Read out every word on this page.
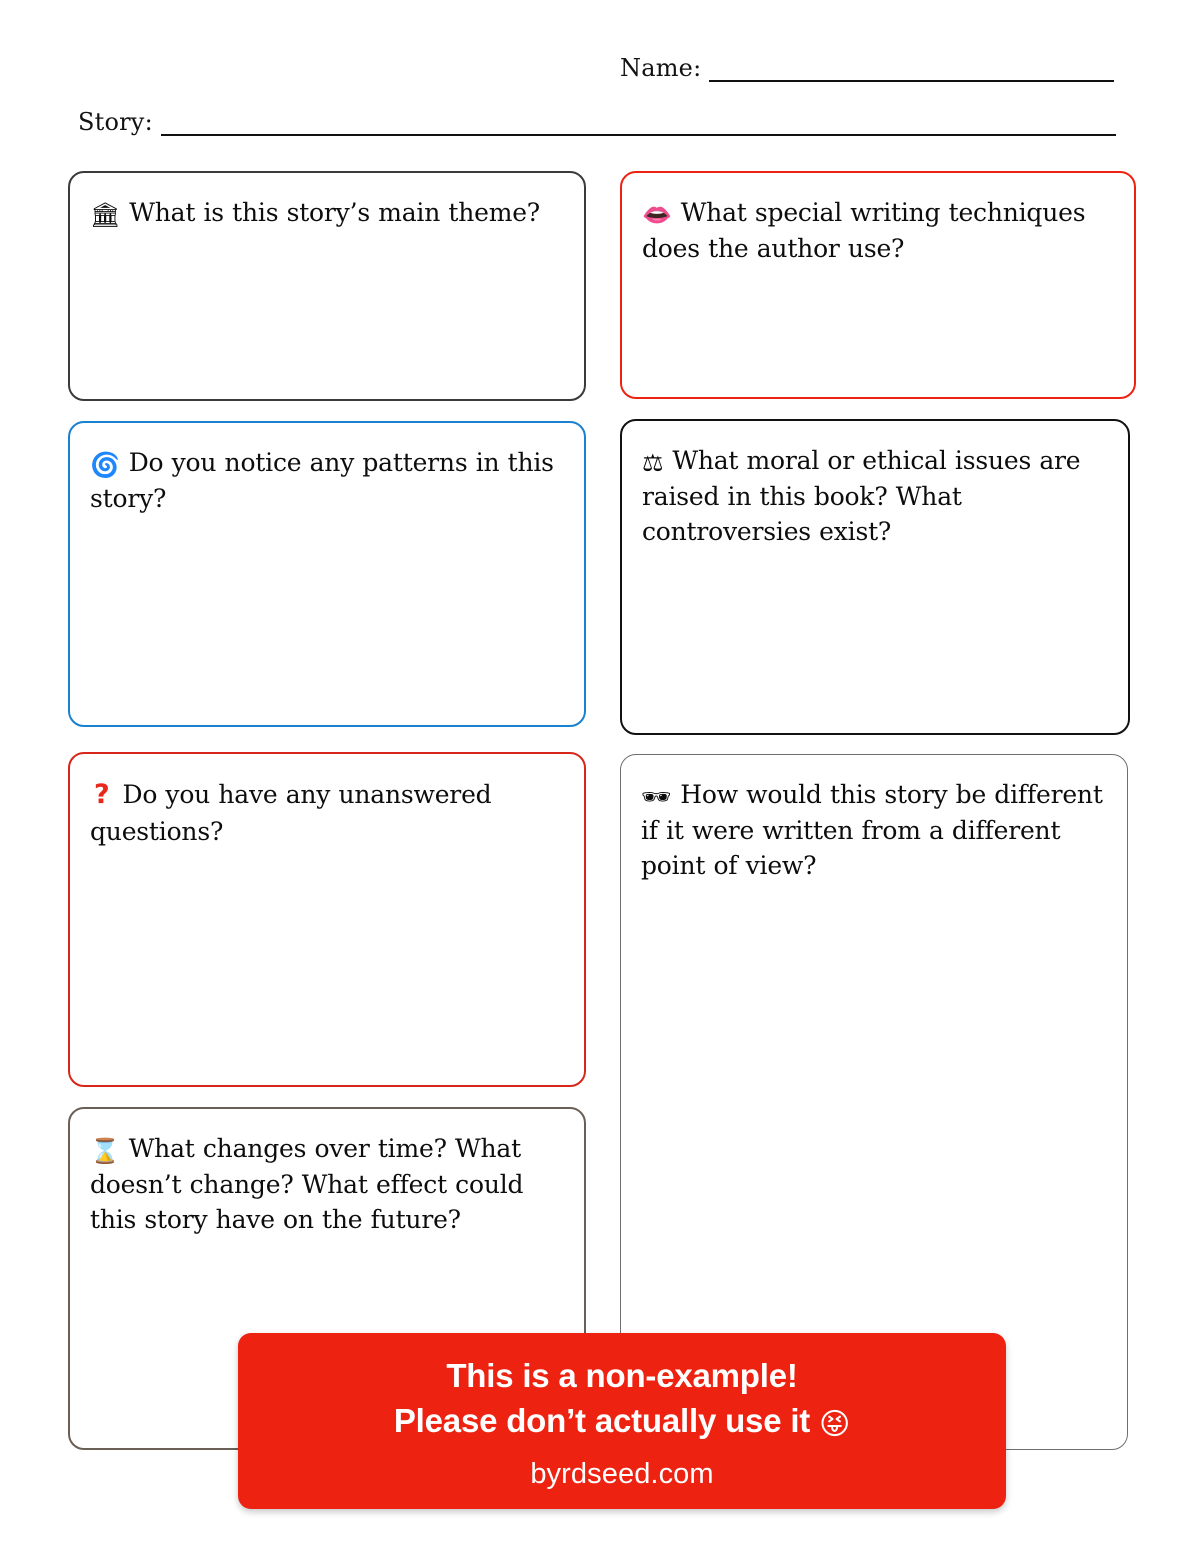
Name:
Story:
🏛 What is this story’s main theme?	👄 What special writing techniques does the author use?
🌀 Do you notice any patterns in this story?
⚖ What moral or ethical issues are raised in this book? What controversies exist?
? Do you have any unanswered questions?
🕶 How would this story be different if it were written from a different point of view?
⌛ What changes over time? What doesn’t change? What effect could this story have on the future?
This is a non-example!
Please don’t actually use it 😝
byrdseed.com
